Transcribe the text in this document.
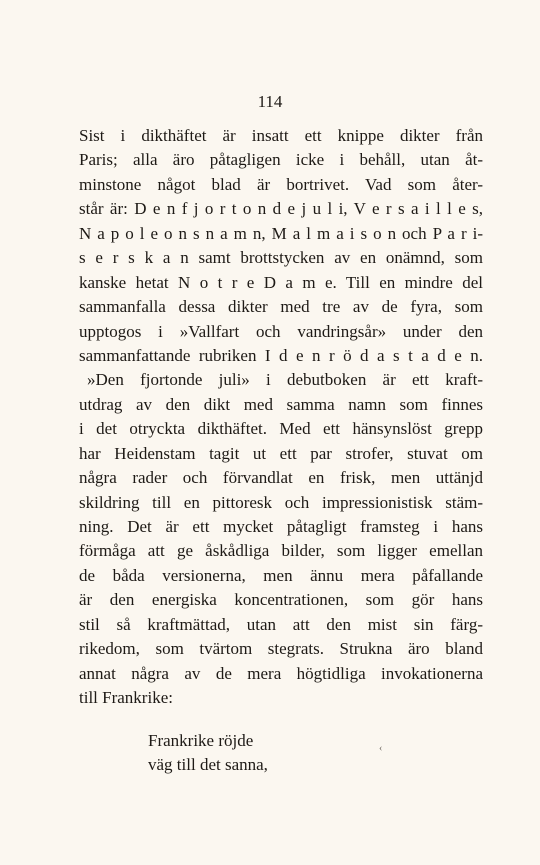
114
Sist i dikthäftet är insatt ett knippe dikter från
Paris; alla äro påtagligen icke i behåll, utan åt-
minstone något blad är bortrivet. Vad som åter-
står är: D e n f j o r t o n d e j u l i, V e r s a i l l e s,
N a p o l e o n s n a m n, M a l m a i s o n och P a r i-
s e r s k a n samt brottstycken av en onämnd, som
kanske hetat N o t r e D a m e. Till en mindre del
sammanfalla dessa dikter med tre av de fyra, som
upptogos i »Vallfart och vandringsår» under den
sammanfattande rubriken I d e n r ö d a s t a d e n.
»Den fjortonde juli» i debutboken är ett kraft-
utdrag av den dikt med samma namn som finnes
i det otryckta dikthäftet. Med ett hänsynslöst grepp
har Heidenstam tagit ut ett par strofer, stuvat om
några rader och förvandlat en frisk, men uttänjd
skildring till en pittoresk och impressionistisk stäm-
ning. Det är ett mycket påtagligt framsteg i hans
förmåga att ge åskådliga bilder, som ligger emellan
de båda versionerna, men ännu mera påfallande
är den energiska koncentrationen, som gör hans
stil så kraftmättad, utan att den mist sin färg-
rikedom, som tvärtom stegrats. Strukna äro bland
annat några av de mera högtidliga invokationerna
till Frankrike:
Frankrike röjde
väg till det sanna,
‹
